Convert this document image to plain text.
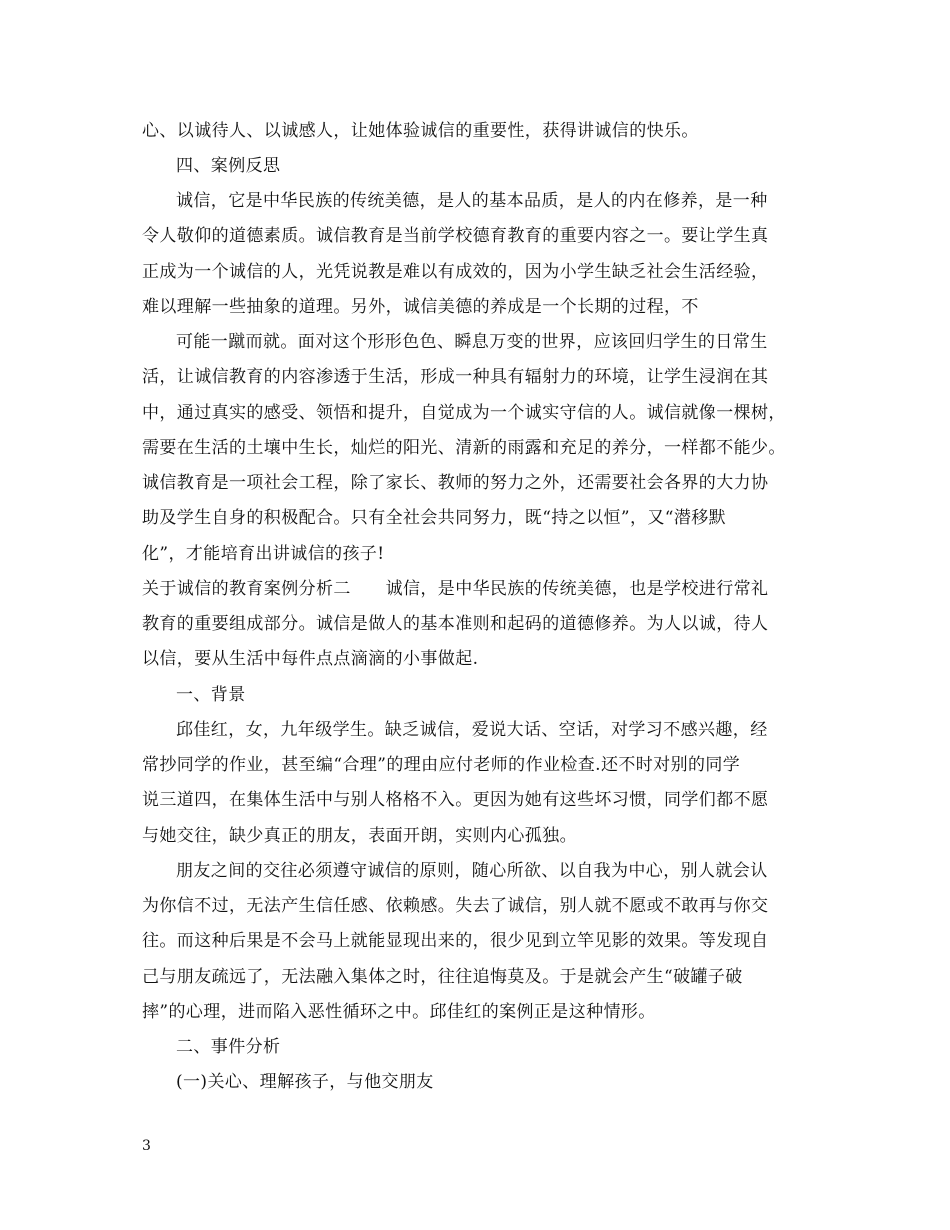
心、以诚待人、以诚感人，让她体验诚信的重要性，获得讲诚信的快乐。
四、案例反思
诚信，它是中华民族的传统美德，是人的基本品质，是人的内在修养，是一种
令人敬仰的道德素质。诚信教育是当前学校德育教育的重要内容之一。要让学生真
正成为一个诚信的人，光凭说教是难以有成效的，因为小学生缺乏社会生活经验，
难以理解一些抽象的道理。另外，诚信美德的养成是一个长期的过程，不
可能一蹴而就。面对这个形形色色、瞬息万变的世界，应该回归学生的日常生
活，让诚信教育的内容渗透于生活，形成一种具有辐射力的环境，让学生浸润在其
中，通过真实的感受、领悟和提升，自觉成为一个诚实守信的人。诚信就像一棵树，
需要在生活的土壤中生长，灿烂的阳光、清新的雨露和充足的养分，一样都不能少。
诚信教育是一项社会工程，除了家长、教师的努力之外，还需要社会各界的大力协
助及学生自身的积极配合。只有全社会共同努力，既“持之以恒”，又“潜移默
化”，才能培育出讲诚信的孩子!
关于诚信的教育案例分析二　　诚信，是中华民族的传统美德，也是学校进行常礼
教育的重要组成部分。诚信是做人的基本准则和起码的道德修养。为人以诚，待人
以信，要从生活中每件点点滴滴的小事做起.
一、背景
邱佳红，女，九年级学生。缺乏诚信，爱说大话、空话，对学习不感兴趣，经
常抄同学的作业，甚至编“合理”的理由应付老师的作业检查.还不时对别的同学
说三道四，在集体生活中与别人格格不入。更因为她有这些坏习惯，同学们都不愿
与她交往，缺少真正的朋友，表面开朗，实则内心孤独。
朋友之间的交往必须遵守诚信的原则，随心所欲、以自我为中心，别人就会认
为你信不过，无法产生信任感、依赖感。失去了诚信，别人就不愿或不敢再与你交
往。而这种后果是不会马上就能显现出来的，很少见到立竿见影的效果。等发现自
己与朋友疏远了，无法融入集体之时，往往追悔莫及。于是就会产生“破罐子破
摔”的心理，进而陷入恶性循环之中。邱佳红的案例正是这种情形。
二、事件分析
(一)关心、理解孩子，与他交朋友
3
